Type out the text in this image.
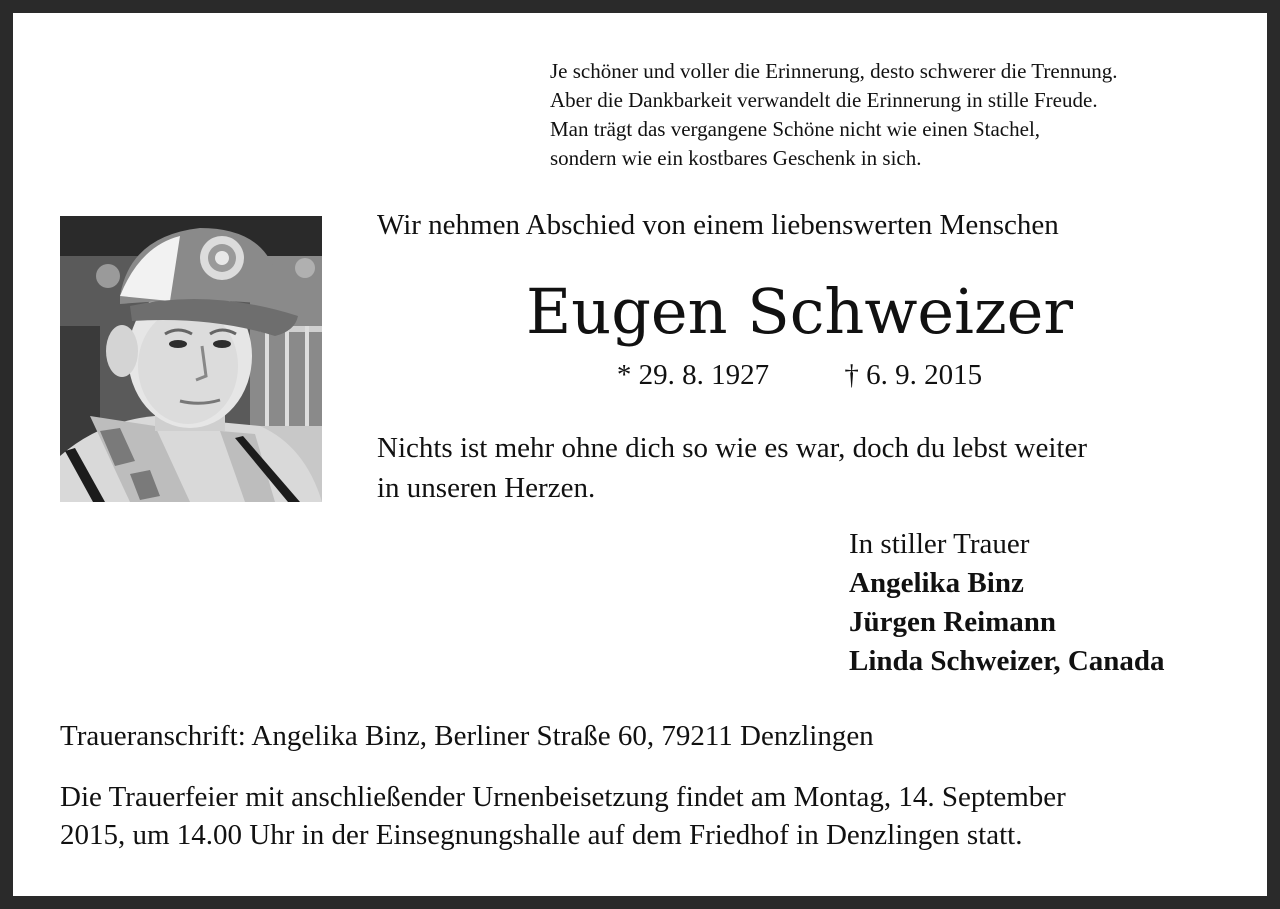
Je schöner und voller die Erinnerung, desto schwerer die Trennung.
Aber die Dankbarkeit verwandelt die Erinnerung in stille Freude.
Man trägt das vergangene Schöne nicht wie einen Stachel,
sondern wie ein kostbares Geschenk in sich.
Wir nehmen Abschied von einem liebenswerten Menschen
Eugen Schweizer
* 29. 8. 1927	† 6. 9. 2015
Nichts ist mehr ohne dich so wie es war, doch du lebst weiter
in unseren Herzen.
In stiller Trauer
Angelika Binz
Jürgen Reimann
Linda Schweizer, Canada
Traueranschrift: Angelika Binz, Berliner Straße 60, 79211 Denzlingen
Die Trauerfeier mit anschließender Urnenbeisetzung findet am Montag, 14. September
2015, um 14.00 Uhr in der Einsegnungshalle auf dem Friedhof in Denzlingen statt.
